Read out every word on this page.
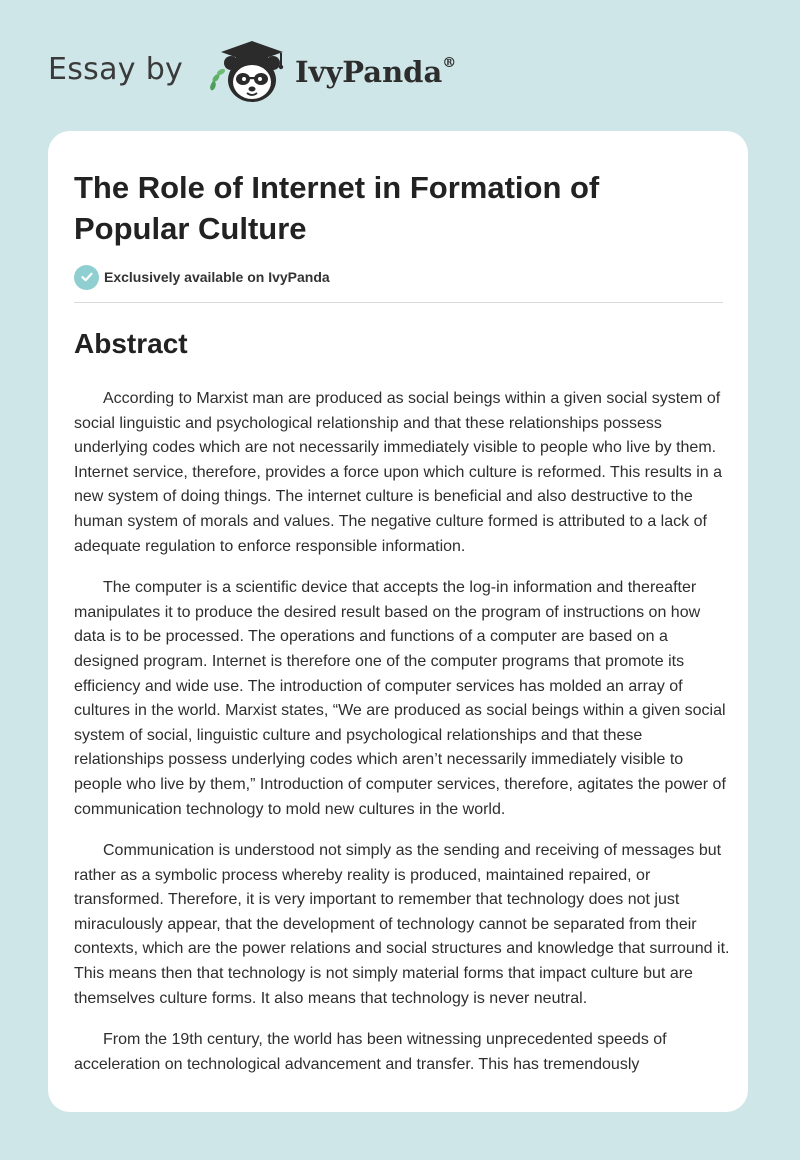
Essay by	IvyPanda®
The Role of Internet in Formation of Popular Culture
Exclusively available on IvyPanda
Abstract

According to Marxist man are produced as social beings within a given social system of social linguistic and psychological relationship and that these relationships possess underlying codes which are not necessarily immediately visible to people who live by them. Internet service, therefore, provides a force upon which culture is reformed. This results in a new system of doing things. The internet culture is beneficial and also destructive to the human system of morals and values. The negative culture formed is attributed to a lack of adequate regulation to enforce responsible information.

The computer is a scientific device that accepts the log-in information and thereafter manipulates it to produce the desired result based on the program of instructions on how data is to be processed. The operations and functions of a computer are based on a designed program. Internet is therefore one of the computer programs that promote its efficiency and wide use. The introduction of computer services has molded an array of cultures in the world. Marxist states, “We are produced as social beings within a given social system of social, linguistic culture and psychological relationships and that these relationships possess underlying codes which aren’t necessarily immediately visible to people who live by them,” Introduction of computer services, therefore, agitates the power of communication technology to mold new cultures in the world.

Communication is understood not simply as the sending and receiving of messages but rather as a symbolic process whereby reality is produced, maintained repaired, or transformed. Therefore, it is very important to remember that technology does not just miraculously appear, that the development of technology cannot be separated from their contexts, which are the power relations and social structures and knowledge that surround it. This means then that technology is not simply material forms that impact culture but are themselves culture forms. It also means that technology is never neutral.

From the 19th century, the world has been witnessing unprecedented speeds of acceleration on technological advancement and transfer. This has tremendously
